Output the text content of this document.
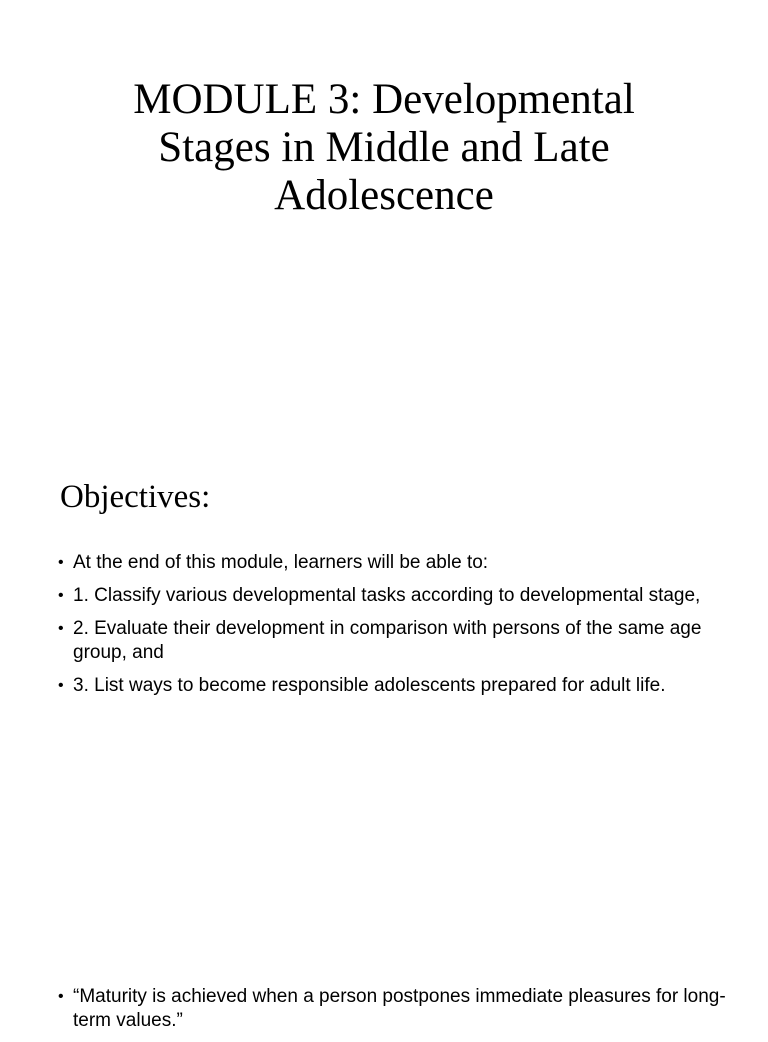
MODULE 3: Developmental
Stages in Middle and Late
Adolescence
Objectives:
• At the end of this module, learners will be able to:
• 1. Classify various developmental tasks according to developmental stage,
• 2. Evaluate their development in comparison with persons of the same age group, and
• 3. List ways to become responsible adolescents prepared for adult life.
• “Maturity is achieved when a person postpones immediate pleasures for long-term values.”
